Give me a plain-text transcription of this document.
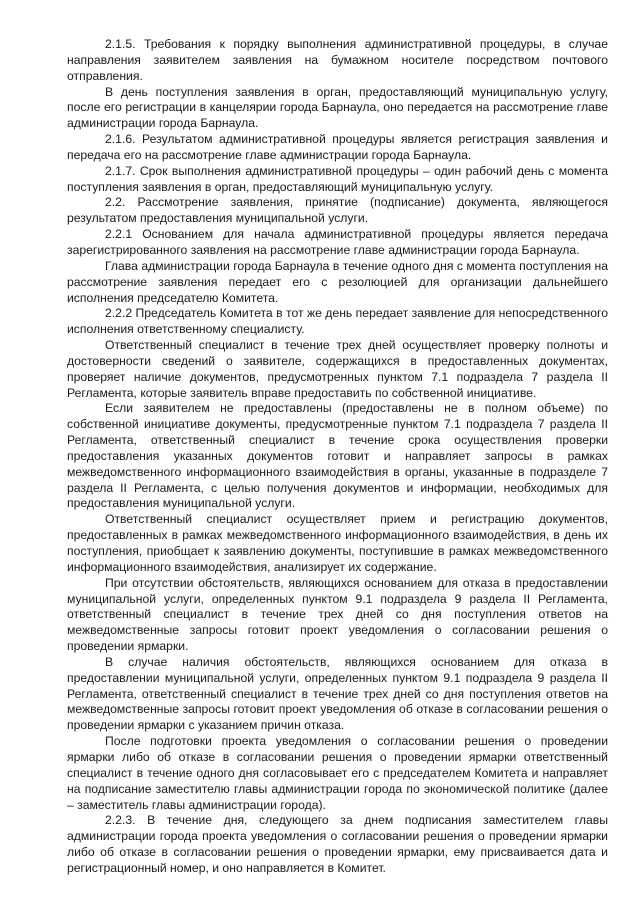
2.1.5. Требования к порядку выполнения административной процедуры, в случае направления заявителем заявления на бумажном носителе посредством почтового отправления.

В день поступления заявления в орган, предоставляющий муниципальную услугу, после его регистрации в канцелярии города Барнаула, оно передается на рассмотрение главе администрации города Барнаула.

2.1.6. Результатом административной процедуры является регистрация заявления и передача его на рассмотрение главе администрации города Барнаула.

2.1.7. Срок выполнения административной процедуры – один рабочий день с момента поступления заявления в орган, предоставляющий муниципальную услугу.

2.2. Рассмотрение заявления, принятие (подписание) документа, являющегося результатом предоставления муниципальной услуги.

2.2.1 Основанием для начала административной процедуры является передача зарегистрированного заявления на рассмотрение главе администрации города Барнаула.

Глава администрации города Барнаула в течение одного дня с момента поступления на рассмотрение заявления передает его с резолюцией для организации дальнейшего исполнения председателю Комитета.

2.2.2 Председатель Комитета в тот же день передает заявление для непосредственного исполнения ответственному специалисту.

Ответственный специалист в течение трех дней осуществляет проверку полноты и достоверности сведений о заявителе, содержащихся в предоставленных документах, проверяет наличие документов, предусмотренных пунктом 7.1 подраздела 7 раздела II Регламента, которые заявитель вправе предоставить по собственной инициативе.

Если заявителем не предоставлены (предоставлены не в полном объеме) по собственной инициативе документы, предусмотренные пунктом 7.1 подраздела 7 раздела II Регламента, ответственный специалист в течение срока осуществления проверки предоставления указанных документов готовит и направляет запросы в рамках межведомственного информационного взаимодействия в органы, указанные в подразделе 7 раздела II Регламента, с целью получения документов и информации, необходимых для предоставления муниципальной услуги.

Ответственный специалист осуществляет прием и регистрацию документов, предоставленных в рамках межведомственного информационного взаимодействия, в день их поступления, приобщает к заявлению документы, поступившие в рамках межведомственного информационного взаимодействия, анализирует их содержание.

При отсутствии обстоятельств, являющихся основанием для отказа в предоставлении муниципальной услуги, определенных пунктом 9.1 подраздела 9 раздела II Регламента, ответственный специалист в течение трех дней со дня поступления ответов на межведомственные запросы готовит проект уведомления о согласовании решения о проведении ярмарки.

В случае наличия обстоятельств, являющихся основанием для отказа в предоставлении муниципальной услуги, определенных пунктом 9.1 подраздела 9 раздела II Регламента, ответственный специалист в течение трех дней со дня поступления ответов на межведомственные запросы готовит проект уведомления об отказе в согласовании решения о проведении ярмарки с указанием причин отказа.

После подготовки проекта уведомления о согласовании решения о проведении ярмарки либо об отказе в согласовании решения о проведении ярмарки ответственный специалист в течение одного дня согласовывает его с председателем Комитета и направляет на подписание заместителю главы администрации города по экономической политике (далее – заместитель главы администрации города).

2.2.3. В течение дня, следующего за днем подписания заместителем главы администрации города проекта уведомления о согласовании решения о проведении ярмарки либо об отказе в согласовании решения о проведении ярмарки, ему присваивается дата и регистрационный номер, и оно направляется в Комитет.
